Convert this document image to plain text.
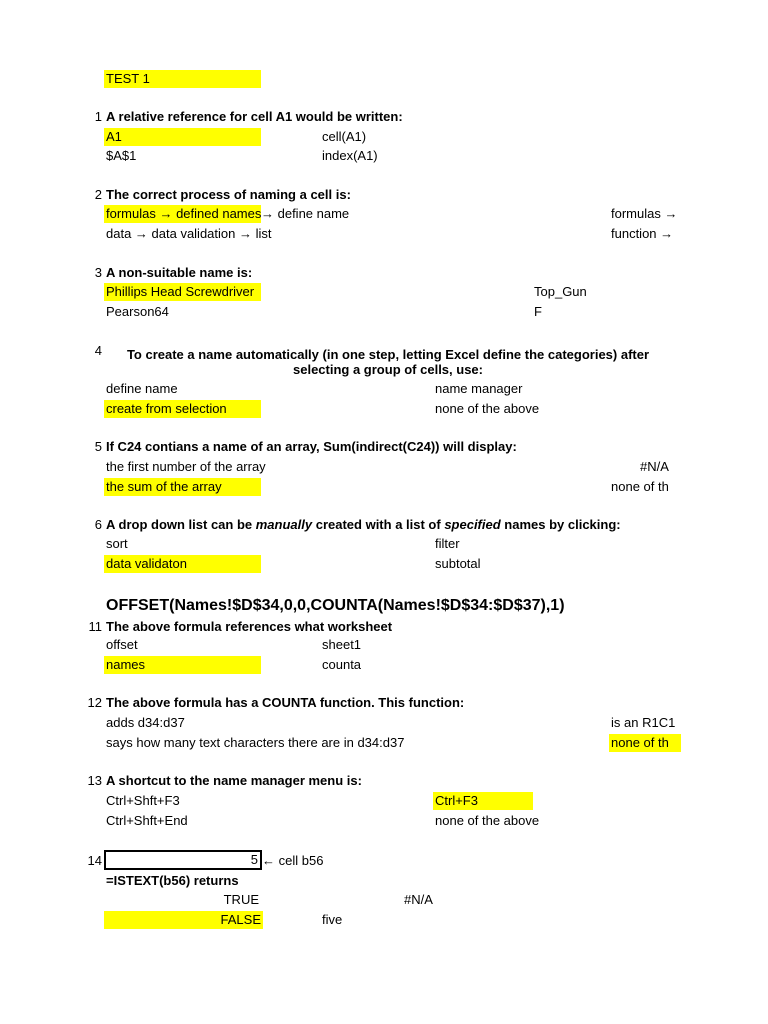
TEST 1
1 A relative reference for cell A1 would be written:
A1	cell(A1)
$A$1	index(A1)
2 The correct process of naming a cell is:
formulas → defined names → define name	formulas →
data → data validation → list	function →
3 A non-suitable name is:
Phillips Head Screwdriver	Top_Gun
Pearson64	F
4	To create a name automatically (in one step, letting Excel define the categories) after selecting a group of cells, use:
define name	name manager
create from selection	none of the above
5 If C24 contians a name of an array, Sum(indirect(C24)) will display:
the first number of the array	#N/A
the sum of the array	none of th
6 A drop down list can be manually created with a list of specified names by clicking:
sort	filter
data validaton	subtotal
OFFSET(Names!$D$34,0,0,COUNTA(Names!$D$34:$D$37),1)
11 The above formula references what worksheet
offset	sheet1
names	counta
12 The above formula has a COUNTA function. This function:
adds d34:d37	is an R1C1
says how many text characters there are in d34:d37	none of th
13 A shortcut to the name manager menu is:
Ctrl+Shft+F3	Ctrl+F3
Ctrl+Shft+End	none of the above
14	5 ← cell b56
=ISTEXT(b56) returns
TRUE	#N/A
FALSE	five
